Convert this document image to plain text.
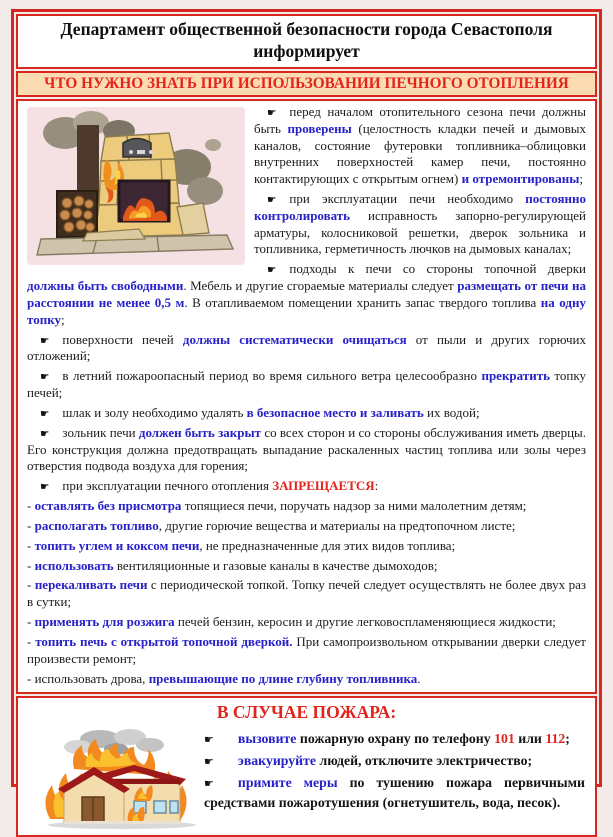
Департамент общественной безопасности города Севастополя информирует
ЧТО НУЖНО ЗНАТЬ ПРИ ИСПОЛЬЗОВАНИИ ПЕЧНОГО ОТОПЛЕНИЯ

☛ перед началом отопительного сезона печи должны быть проверены (целостность кладки печей и дымовых каналов, состояние футеровки топливника–облицовки внутренних поверхностей камер печи, постоянно контактирующих с открытым огнем) и отремонтированы;

☛ при эксплуатации печи необходимо постоянно контролировать исправность запорно-регулирующей арматуры, колосниковой решетки, дверок зольника и топливника, герметичность лючков на дымовых каналах;

☛ подходы к печи со стороны топочной дверки должны быть свободными. Мебель и другие сгораемые материалы следует размещать от печи на расстоянии не менее 0,5 м. В отапливаемом помещении хранить запас твердого топлива на одну топку;

☛ поверхности печей должны систематически очищаться от пыли и других горючих отложений;

☛ в летний пожароопасный период во время сильного ветра целесообразно прекратить топку печей;

☛ шлак и золу необходимо удалять в безопасное место и заливать их водой;

☛ зольник печи должен быть закрыт со всех сторон и со стороны обслуживания иметь дверцы. Его конструкция должна предотвращать выпадание раскаленных частиц топлива или золы через отверстия подвода воздуха для горения;

☛ при эксплуатации печного отопления ЗАПРЕЩАЕТСЯ:

- оставлять без присмотра топящиеся печи, поручать надзор за ними малолетним детям;

- располагать топливо, другие горючие вещества и материалы на предтопочном листе;

- топить углем и коксом печи, не предназначенные для этих видов топлива;

- использовать вентиляционные и газовые каналы в качестве дымоходов;

- перекаливать печи с периодической топкой. Топку печей следует осуществлять не более двух раз в сутки;

- применять для розжига печей бензин, керосин и другие легковоспламеняющиеся жидкости;

- топить печь с открытой топочной дверкой. При самопроизвольном открывании дверки следует произвести ремонт;

- использовать дрова, превышающие по длине глубину топливника.

В СЛУЧАЕ ПОЖАРА:

☛ вызовите пожарную охрану по телефону 101 или 112;

☛ эвакуируйте людей, отключите электричество;

☛ примите меры по тушению пожара первичными средствами пожаротушения (огнетушитель, вода, песок).
